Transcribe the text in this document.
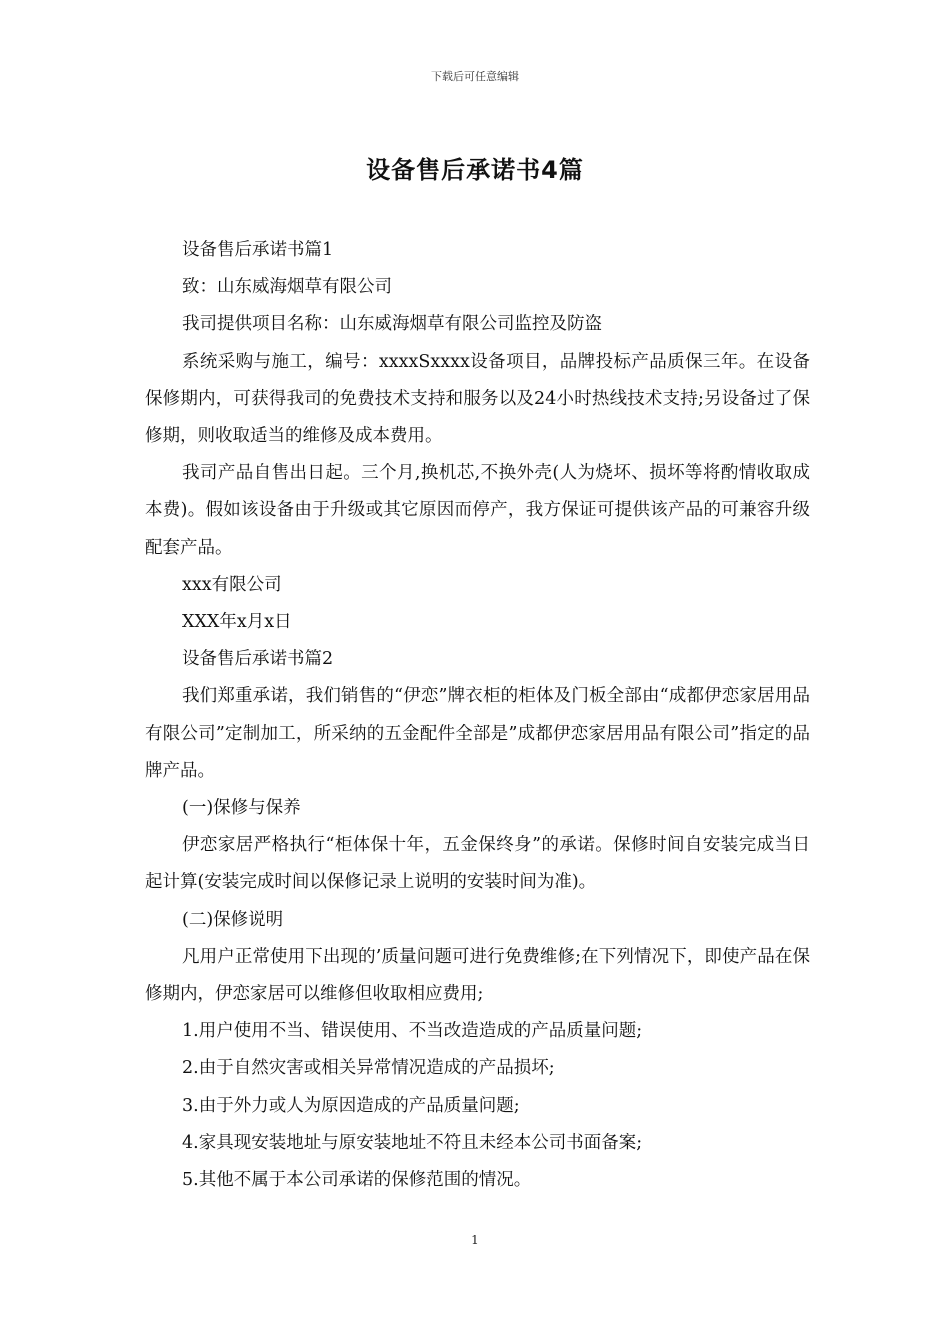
下载后可任意编辑
设备售后承诺书4篇

设备售后承诺书篇1

致：山东威海烟草有限公司

我司提供项目名称：山东威海烟草有限公司监控及防盗

系统采购与施工，编号：xxxxSxxxx设备项目，品牌投标产品质保三年。在设备保修期内，可获得我司的免费技术支持和服务以及24小时热线技术支持;另设备过了保修期，则收取适当的维修及成本费用。

我司产品自售出日起。三个月,换机芯,不换外壳(人为烧坏、损坏等将酌情收取成本费)。假如该设备由于升级或其它原因而停产，我方保证可提供该产品的可兼容升级配套产品。

xxx有限公司

XXX年x月x日

设备售后承诺书篇2

我们郑重承诺，我们销售的“伊恋”牌衣柜的柜体及门板全部由“成都伊恋家居用品有限公司”定制加工，所采纳的五金配件全部是”成都伊恋家居用品有限公司”指定的品牌产品。

(一)保修与保养

伊恋家居严格执行“柜体保十年，五金保终身”的承诺。保修时间自安装完成当日起计算(安装完成时间以保修记录上说明的安装时间为准)。

(二)保修说明

凡用户正常使用下出现的’质量问题可进行免费维修;在下列情况下，即使产品在保修期内，伊恋家居可以维修但收取相应费用;

1.用户使用不当、错误使用、不当改造造成的产品质量问题;

2.由于自然灾害或相关异常情况造成的产品损坏;

3.由于外力或人为原因造成的产品质量问题;

4.家具现安装地址与原安装地址不符且未经本公司书面备案;

5.其他不属于本公司承诺的保修范围的情况。

1
